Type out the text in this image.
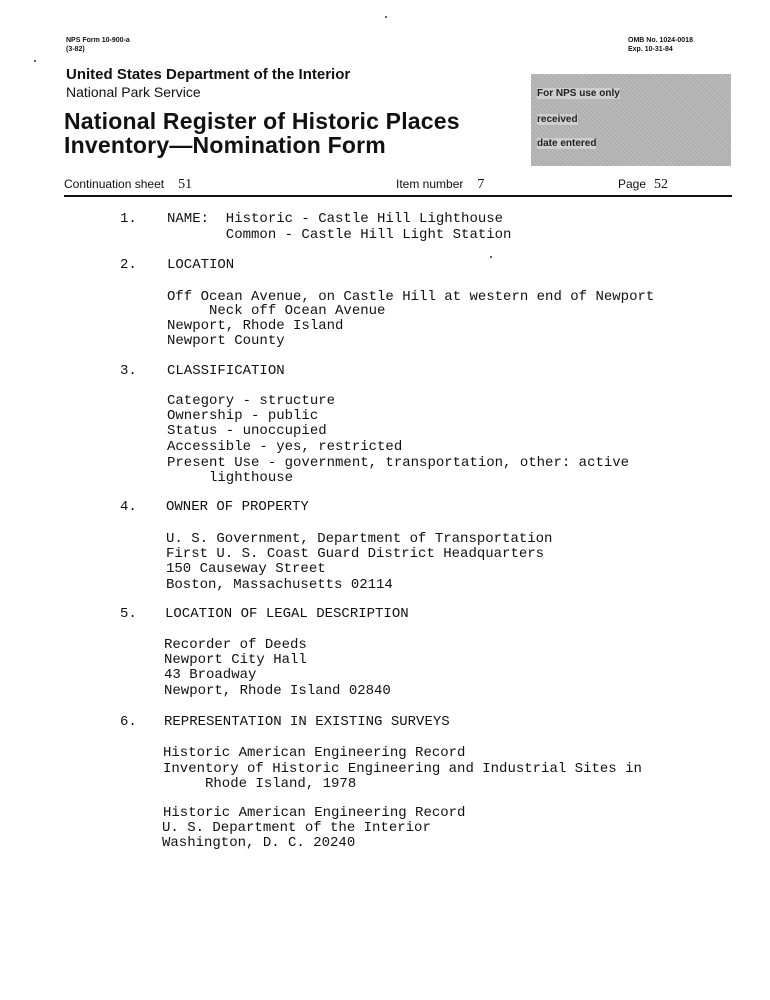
NPS Form 10-900-a
(3-82)
OMB No. 1024-0018
Exp. 10-31-84
United States Department of the Interior
National Park Service
National Register of Historic Places
Inventory—Nomination Form
For NPS use only
received
date entered
Continuation sheet 51	Item number 7	Page 52
1.
2.
3.
4.
5.
6.
NAME:  Historic - Castle Hill Lighthouse
Common - Castle Hill Light Station
LOCATION
Off Ocean Avenue, on Castle Hill at western end of Newport
Neck off Ocean Avenue
Newport, Rhode Island
Newport County
CLASSIFICATION
Category - structure
Ownership - public
Status - unoccupied
Accessible - yes, restricted
Present Use - government, transportation, other: active
lighthouse
OWNER OF PROPERTY
U. S. Government, Department of Transportation
First U. S. Coast Guard District Headquarters
150 Causeway Street
Boston, Massachusetts 02114
LOCATION OF LEGAL DESCRIPTION
Recorder of Deeds
Newport City Hall
43 Broadway
Newport, Rhode Island 02840
REPRESENTATION IN EXISTING SURVEYS
Historic American Engineering Record
Inventory of Historic Engineering and Industrial Sites in
Rhode Island, 1978
Historic American Engineering Record
U. S. Department of the Interior
Washington, D. C. 20240
